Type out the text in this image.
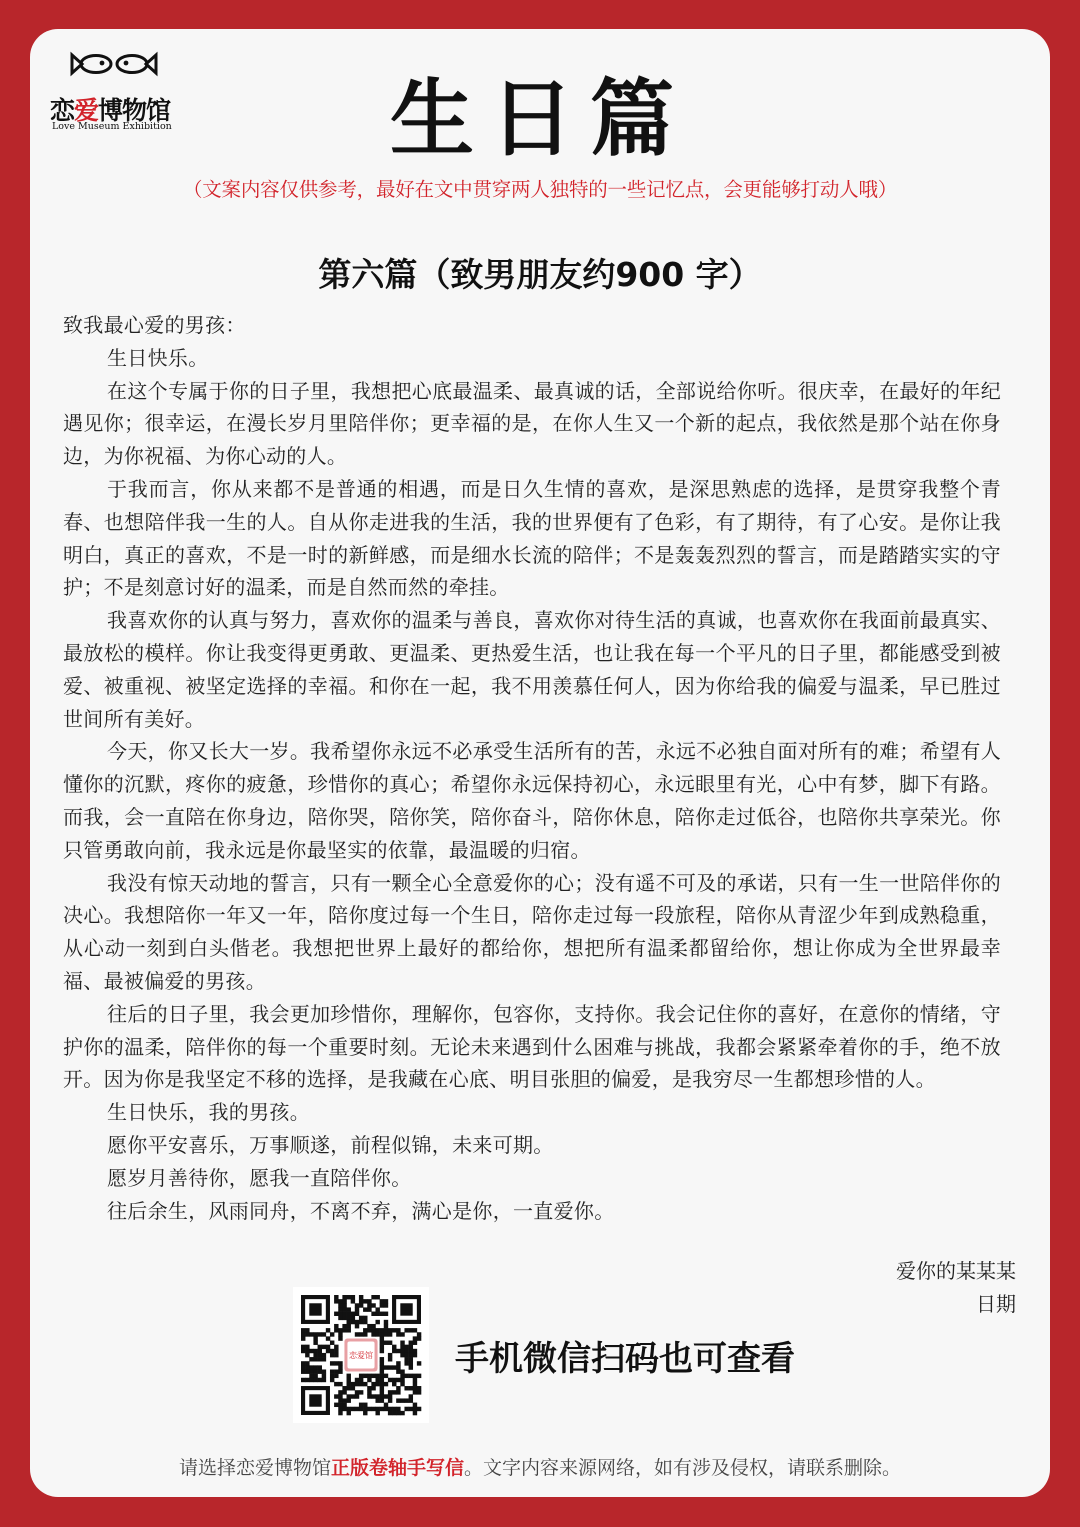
恋爱博物馆
Love Museum Exhibition	生日篇
（文案内容仅供参考，最好在文中贯穿两人独特的一些记忆点，会更能够打动人哦）
第六篇（致男朋友约900 字）

致我最心爱的男孩：

生日快乐。

在这个专属于你的日子里，我想把心底最温柔、最真诚的话，全部说给你听。很庆幸，在最好的年纪遇见你；很幸运，在漫长岁月里陪伴你；更幸福的是，在你人生又一个新的起点，我依然是那个站在你身边，为你祝福、为你心动的人。

于我而言，你从来都不是普通的相遇，而是日久生情的喜欢，是深思熟虑的选择，是贯穿我整个青春、也想陪伴我一生的人。自从你走进我的生活，我的世界便有了色彩，有了期待，有了心安。是你让我明白，真正的喜欢，不是一时的新鲜感，而是细水长流的陪伴；不是轰轰烈烈的誓言，而是踏踏实实的守护；不是刻意讨好的温柔，而是自然而然的牵挂。

我喜欢你的认真与努力，喜欢你的温柔与善良，喜欢你对待生活的真诚，也喜欢你在我面前最真实、最放松的模样。你让我变得更勇敢、更温柔、更热爱生活，也让我在每一个平凡的日子里，都能感受到被爱、被重视、被坚定选择的幸福。和你在一起，我不用羡慕任何人，因为你给我的偏爱与温柔，早已胜过世间所有美好。

今天，你又长大一岁。我希望你永远不必承受生活所有的苦，永远不必独自面对所有的难；希望有人懂你的沉默，疼你的疲惫，珍惜你的真心；希望你永远保持初心，永远眼里有光，心中有梦，脚下有路。而我，会一直陪在你身边，陪你哭，陪你笑，陪你奋斗，陪你休息，陪你走过低谷，也陪你共享荣光。你只管勇敢向前，我永远是你最坚实的依靠，最温暖的归宿。

我没有惊天动地的誓言，只有一颗全心全意爱你的心；没有遥不可及的承诺，只有一生一世陪伴你的决心。我想陪你一年又一年，陪你度过每一个生日，陪你走过每一段旅程，陪你从青涩少年到成熟稳重，从心动一刻到白头偕老。我想把世界上最好的都给你，想把所有温柔都留给你，想让你成为全世界最幸福、最被偏爱的男孩。

往后的日子里，我会更加珍惜你，理解你，包容你，支持你。我会记住你的喜好，在意你的情绪，守护你的温柔，陪伴你的每一个重要时刻。无论未来遇到什么困难与挑战，我都会紧紧牵着你的手，绝不放开。因为你是我坚定不移的选择，是我藏在心底、明目张胆的偏爱，是我穷尽一生都想珍惜的人。

生日快乐，我的男孩。

愿你平安喜乐，万事顺遂，前程似锦，未来可期。

愿岁月善待你，愿我一直陪伴你。

往后余生，风雨同舟，不离不弃，满心是你，一直爱你。

爱你的某某某
日期
恋爱馆 手机微信扫码也可查看
请选择恋爱博物馆正版卷轴手写信。文字内容来源网络，如有涉及侵权，请联系删除。
